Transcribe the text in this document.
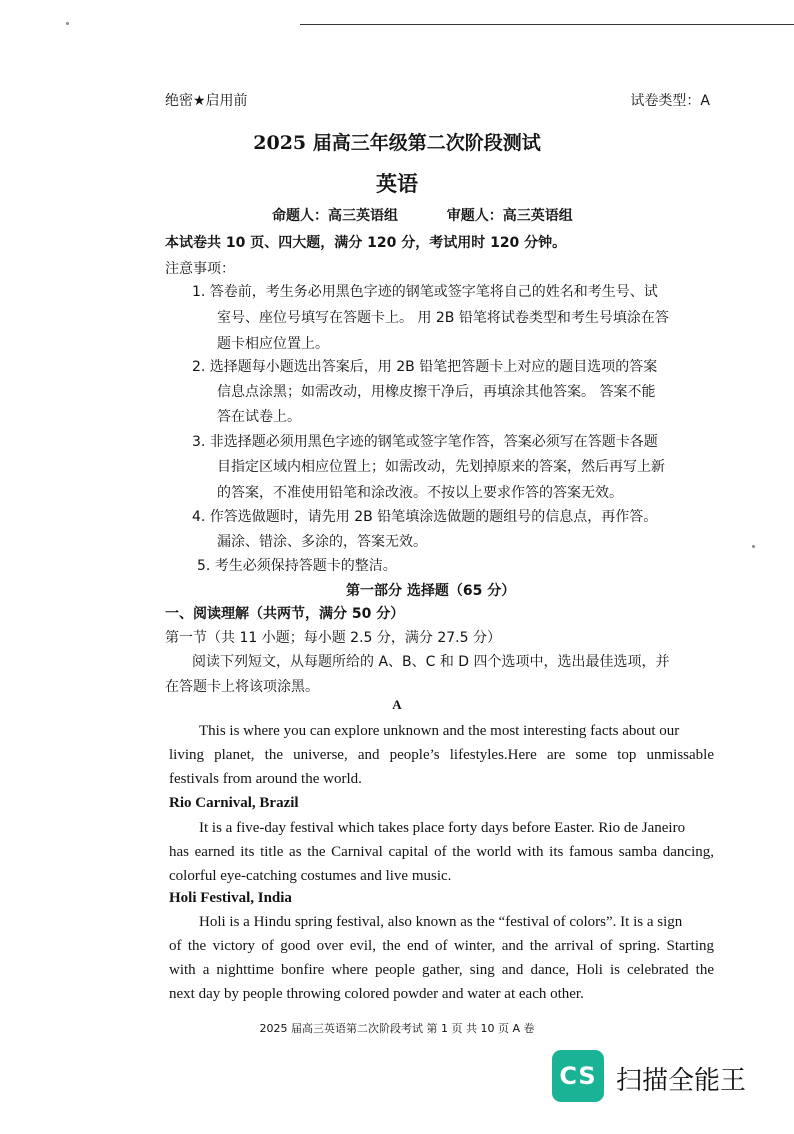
绝密★启用前	试卷类型：A
2025 届高三年级第二次阶段测试
英语
命题人：高三英语组          审题人：高三英语组
本试卷共 10 页、四大题，满分 120 分，考试用时 120 分钟。
注意事项：
1. 答卷前，考生务必用黑色字迹的钢笔或签字笔将自己的姓名和考生号、试
室号、座位号填写在答题卡上。 用 2B 铅笔将试卷类型和考生号填涂在答
题卡相应位置上。
2. 选择题每小题选出答案后，用 2B 铅笔把答题卡上对应的题目选项的答案
信息点涂黑；如需改动，用橡皮擦干净后，再填涂其他答案。 答案不能
答在试卷上。
3. 非选择题必须用黑色字迹的钢笔或签字笔作答，答案必须写在答题卡各题
目指定区域内相应位置上；如需改动，先划掉原来的答案，然后再写上新
的答案，不准使用铅笔和涂改液。不按以上要求作答的答案无效。
4. 作答选做题时，请先用 2B 铅笔填涂选做题的题组号的信息点，再作答。
漏涂、错涂、多涂的，答案无效。
5. 考生必须保持答题卡的整洁。
第一部分 选择题（65 分）
一、阅读理解（共两节，满分 50 分）
第一节（共 11 小题；每小题 2.5 分，满分 27.5 分）
阅读下列短文，从每题所给的 A、B、C 和 D 四个选项中，选出最佳选项，并
在答题卡上将该项涂黑。
A
This is where you can explore unknown and the most interesting facts about our
living planet, the universe, and people’s lifestyles.Here are some top unmissable
festivals from around the world.
Rio Carnival, Brazil
It is a five-day festival which takes place forty days before Easter. Rio de Janeiro
has earned its title as the Carnival capital of the world with its famous samba dancing,
colorful eye-catching costumes and live music.
Holi Festival, India
Holi is a Hindu spring festival, also known as the “festival of colors”. It is a sign
of the victory of good over evil, the end of winter, and the arrival of spring. Starting
with a nighttime bonfire where people gather, sing and dance, Holi is celebrated the
next day by people throwing colored powder and water at each other.
2025 届高三英语第二次阶段考试 第 1 页 共 10 页 A 卷
CS 扫描全能王
